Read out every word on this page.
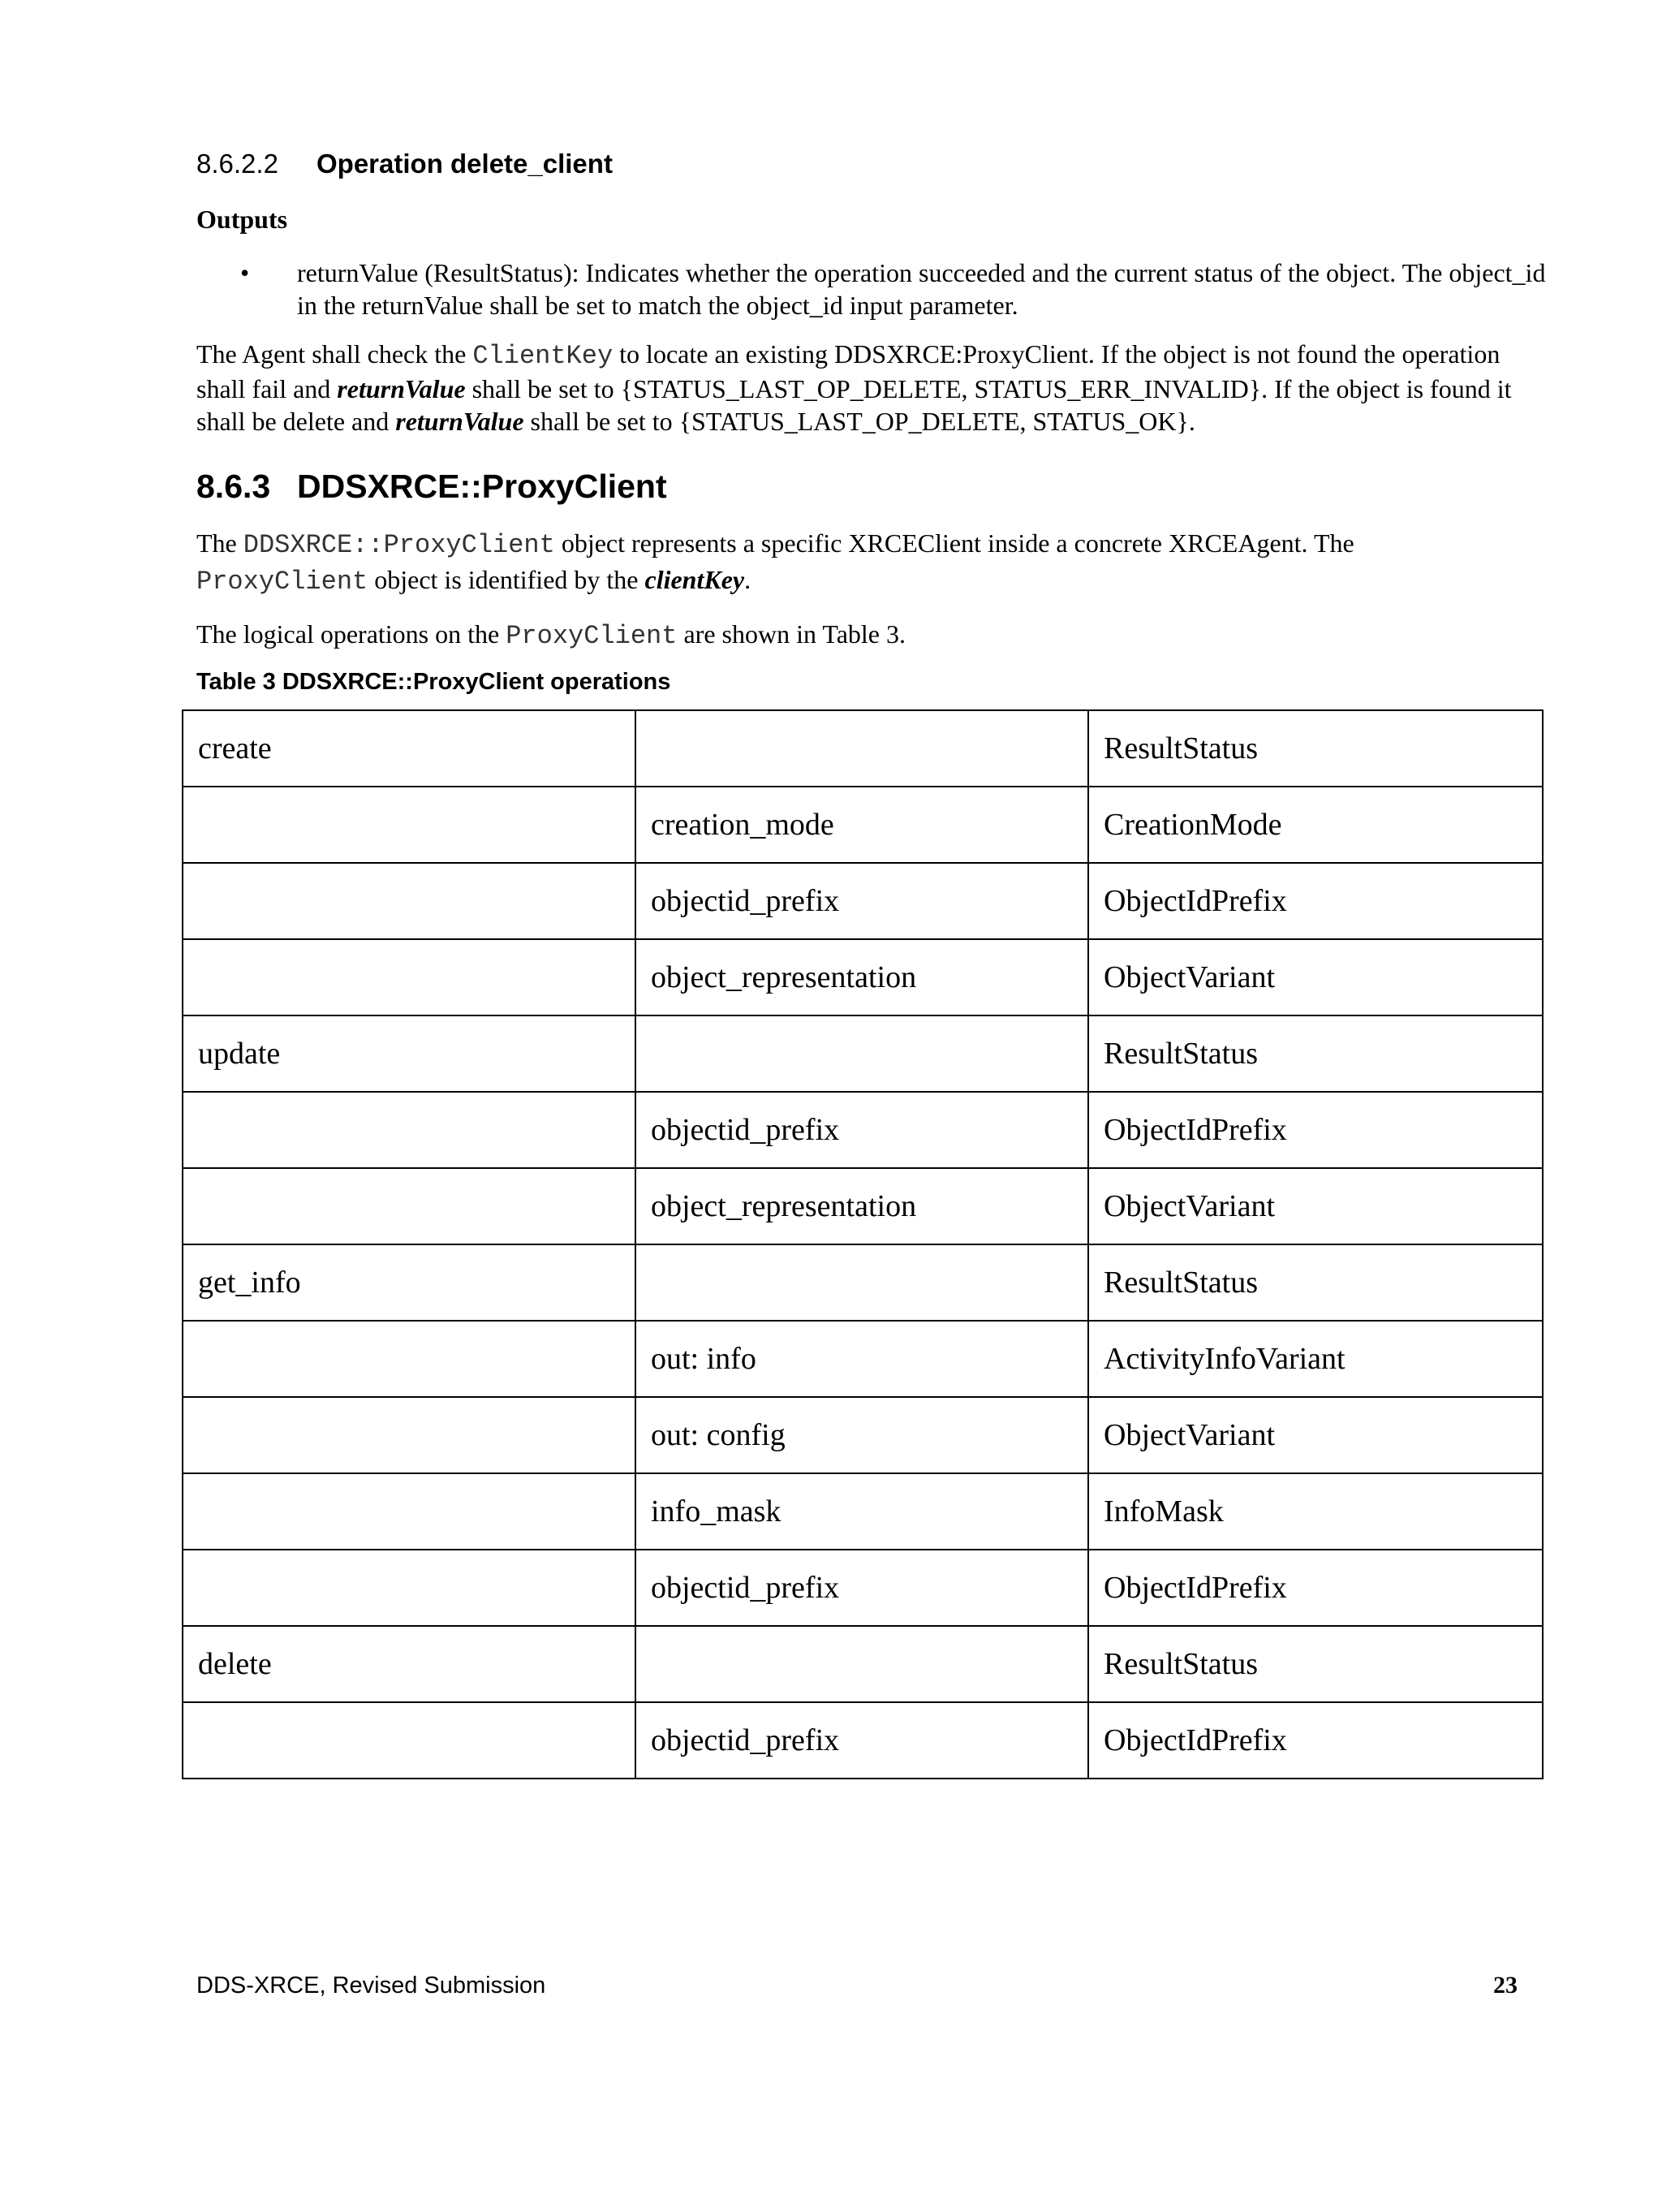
8.6.2.2 Operation delete_client
Outputs
• returnValue (ResultStatus): Indicates whether the operation succeeded and the current status of the object. The object_id in the returnValue shall be set to match the object_id input parameter.
The Agent shall check the ClientKey to locate an existing DDSXRCE:ProxyClient. If the object is not found the operation shall fail and returnValue shall be set to {STATUS_LAST_OP_DELETE, STATUS_ERR_INVALID}. If the object is found it shall be delete and returnValue shall be set to {STATUS_LAST_OP_DELETE, STATUS_OK}.
8.6.3 DDSXRCE::ProxyClient
The DDSXRCE::ProxyClient object represents a specific XRCEClient inside a concrete XRCEAgent. The
ProxyClient object is identified by the clientKey.
The logical operations on the ProxyClient are shown in Table 3.
Table 3 DDSXRCE::ProxyClient operations
create		ResultStatus
	creation_mode	CreationMode
	objectid_prefix	ObjectIdPrefix
	object_representation	ObjectVariant
update		ResultStatus
	objectid_prefix	ObjectIdPrefix
	object_representation	ObjectVariant
get_info		ResultStatus
	out: info	ActivityInfoVariant
	out: config	ObjectVariant
	info_mask	InfoMask
	objectid_prefix	ObjectIdPrefix
delete		ResultStatus
	objectid_prefix	ObjectIdPrefix
DDS-XRCE, Revised Submission	23
